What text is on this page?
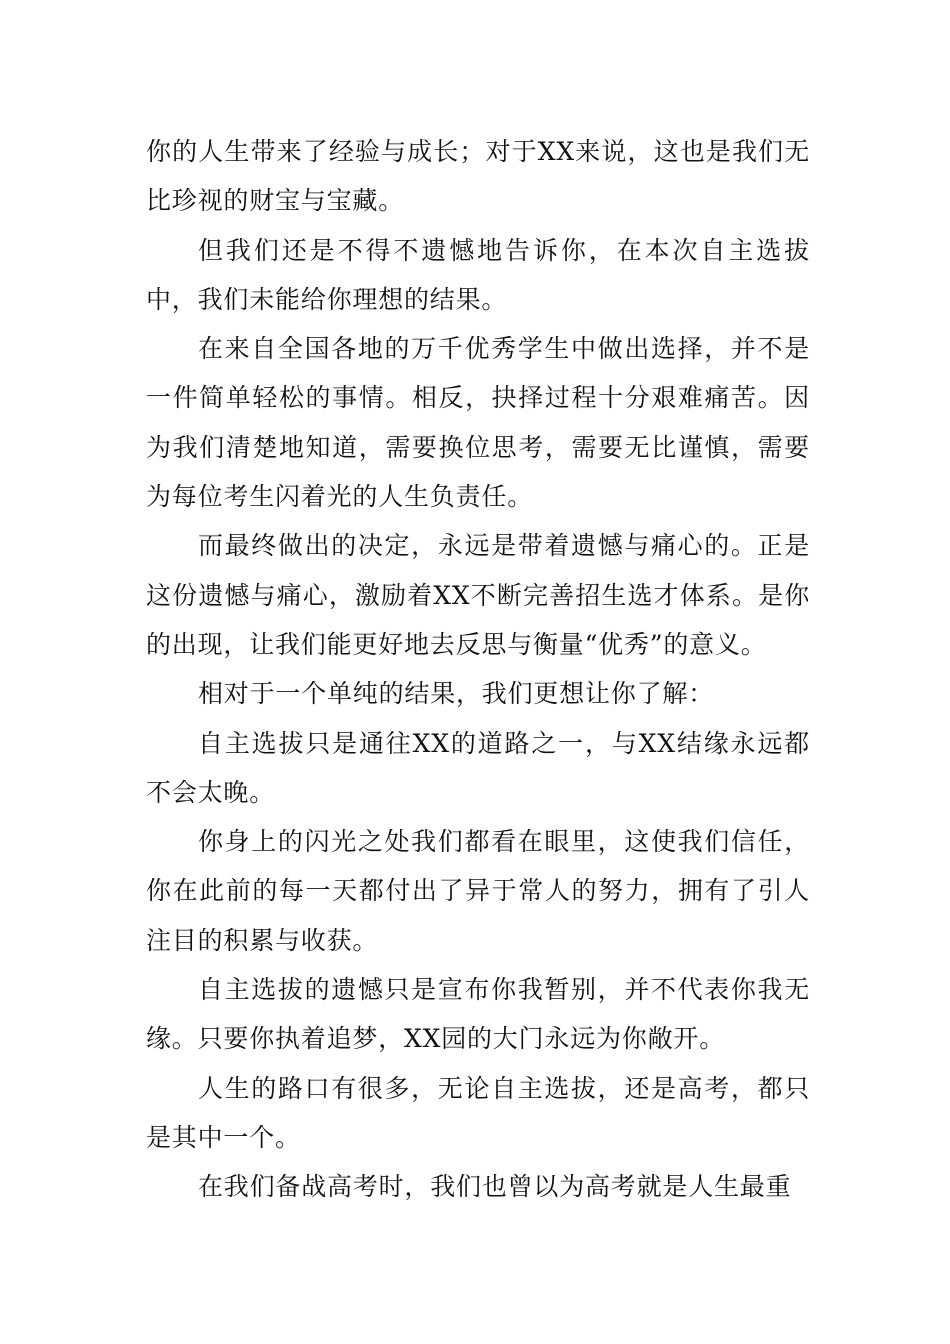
你的人生带来了经验与成长；对于XX来说，这也是我们无比珍视的财宝与宝藏。

但我们还是不得不遗憾地告诉你，在本次自主选拔中，我们未能给你理想的结果。

在来自全国各地的万千优秀学生中做出选择，并不是一件简单轻松的事情。相反，抉择过程十分艰难痛苦。因为我们清楚地知道，需要换位思考，需要无比谨慎，需要为每位考生闪着光的人生负责任。

而最终做出的决定，永远是带着遗憾与痛心的。正是这份遗憾与痛心，激励着XX不断完善招生选才体系。是你的出现，让我们能更好地去反思与衡量“优秀”的意义。

相对于一个单纯的结果，我们更想让你了解：

自主选拔只是通往XX的道路之一，与XX结缘永远都不会太晚。

你身上的闪光之处我们都看在眼里，这使我们信任，你在此前的每一天都付出了异于常人的努力，拥有了引人注目的积累与收获。

自主选拔的遗憾只是宣布你我暂别，并不代表你我无缘。只要你执着追梦，XX园的大门永远为你敞开。

人生的路口有很多，无论自主选拔，还是高考，都只是其中一个。

在我们备战高考时，我们也曾以为高考就是人生最重
